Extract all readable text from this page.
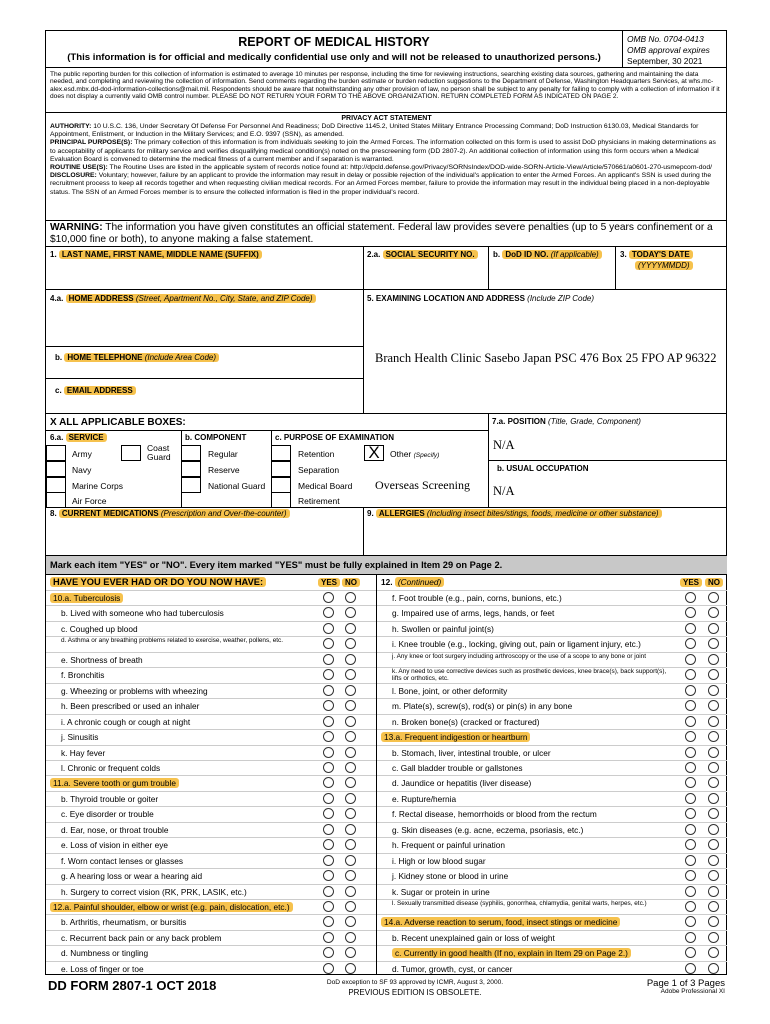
REPORT OF MEDICAL HISTORY
(This information is for official and medically confidential use only and will not be released to unauthorized persons.)
OMB No. 0704-0413
OMB approval expires
September, 30 2021
The public reporting burden for this collection of information is estimated to average 10 minutes per response, including the time for reviewing instructions, searching existing data sources, gathering and maintaining the data needed, and completing and reviewing the collection of information. Send comments regarding the burden estimate or burden reduction suggestions to the Department of Defense, Washington Headquarters Services, at whs.mc-alex.esd.mbx.dd-dod-information-collections@mail.mil. Respondents should be aware that notwithstanding any other provision of law, no person shall be subject to any penalty for failing to comply with a collection of information if it does not display a currently valid OMB control number. PLEASE DO NOT RETURN YOUR FORM TO THE ABOVE ORGANIZATION. RETURN COMPLETED FORM AS INDICATED ON PAGE 2.
PRIVACY ACT STATEMENT
AUTHORITY: 10 U.S.C. 136, Under Secretary Of Defense For Personnel And Readiness; DoD Directive 1145.2, United States Military Entrance Processing Command; DoD Instruction 6130.03, Medical Standards for Appointment, Enlistment, or Induction in the Military Services; and E.O. 9397 (SSN), as amended.
PRINCIPAL PURPOSE(S): The primary collection of this information is from individuals seeking to join the Armed Forces. The information collected on this form is used to assist DoD physicians in making determinations as to acceptability of applicants for military service and verifies disqualifying medical condition(s) noted on the prescreening form (DD 2807-2). An additional collection of information using this form occurs when a Medical Evaluation Board is convened to determine the medical fitness of a current member and if separation is warranted.
ROUTINE USE(S): The Routine Uses are listed in the applicable system of records notice found at: http://dpcld.defense.gov/Privacy/SORNsIndex/DOD-wide-SORN-Article-View/Article/570661/a0601-270-usmepcom-dod/
DISCLOSURE: Voluntary; however, failure by an applicant to provide the information may result in delay or possible rejection of the individual's application to enter the Armed Forces. An applicant's SSN is used during the recruitment process to keep all records together and when requesting civilian medical records. For an Armed Forces member, failure to provide the information may result in the individual being placed in a non-deployable status. The SSN of an Armed Forces member is to ensure the collected information is filed in the proper individual's record.
WARNING: The information you have given constitutes an official statement. Federal law provides severe penalties (up to 5 years confinement or a $10,000 fine or both), to anyone making a false statement.
1. LAST NAME, FIRST NAME, MIDDLE NAME (SUFFIX)	2.a. SOCIAL SECURITY NO.	b. DoD ID NO. (If applicable)	3. TODAY'S DATE
(YYYYMMDD)
4.a. HOME ADDRESS (Street, Apartment No., City, State, and ZIP Code)	5. EXAMINING LOCATION AND ADDRESS (Include ZIP Code)
Branch Health Clinic Sasebo Japan PSC 476 Box 25 FPO AP 96322
b. HOME TELEPHONE (Include Area Code)
c. EMAIL ADDRESS
X ALL APPLICABLE BOXES:	7.a. POSITION (Title, Grade, Component)
6.a. SERVICE	b. COMPONENT	c. PURPOSE OF EXAMINATION
Army
Coast Guard
Navy
Marine Corps
Air Force
Regular
Reserve
National Guard
Retention
Separation
Medical Board
Retirement
X	Other (Specify)
Overseas Screening
N/A
b. USUAL OCCUPATION
N/A
8. CURRENT MEDICATIONS (Prescription and Over-the-counter)	9. ALLERGIES (Including insect bites/stings, foods, medicine or other substance)
Mark each item "YES" or "NO". Every item marked "YES" must be fully explained in Item 29 on Page 2.
HAVE YOU EVER HAD OR DO YOU NOW HAVE:	YES NO	12. (Continued)	YES	NO
10.a. Tuberculosis
b. Lived with someone who had tuberculosis
c. Coughed up blood
d. Asthma or any breathing problems related to exercise, weather, pollens, etc.
e. Shortness of breath
f. Bronchitis
g. Wheezing or problems with wheezing
h. Been prescribed or used an inhaler
i. A chronic cough or cough at night
j. Sinusitis
k. Hay fever
l. Chronic or frequent colds
11.a. Severe tooth or gum trouble
b. Thyroid trouble or goiter
c. Eye disorder or trouble
d. Ear, nose, or throat trouble
e. Loss of vision in either eye
f. Worn contact lenses or glasses
g. A hearing loss or wear a hearing aid
h. Surgery to correct vision (RK, PRK, LASIK, etc.)
12.a. Painful shoulder, elbow or wrist (e.g. pain, dislocation, etc.)
b. Arthritis, rheumatism, or bursitis
c. Recurrent back pain or any back problem
d. Numbness or tingling
e. Loss of finger or toe
f. Foot trouble (e.g., pain, corns, bunions, etc.)
g. Impaired use of arms, legs, hands, or feet
h. Swollen or painful joint(s)
i. Knee trouble (e.g., locking, giving out, pain or ligament injury, etc.)
j. Any knee or foot surgery including arthroscopy or the use of a scope to any bone or joint
k. Any need to use corrective devices such as prosthetic devices, knee brace(s), back support(s), lifts or orthotics, etc.
l. Bone, joint, or other deformity
m. Plate(s), screw(s), rod(s) or pin(s) in any bone
n. Broken bone(s) (cracked or fractured)
13.a. Frequent indigestion or heartburn
b. Stomach, liver, intestinal trouble, or ulcer
c. Gall bladder trouble or gallstones
d. Jaundice or hepatitis (liver disease)
e. Rupture/hernia
f. Rectal disease, hemorrhoids or blood from the rectum
g. Skin diseases (e.g. acne, eczema, psoriasis, etc.)
h. Frequent or painful urination
i. High or low blood sugar
j. Kidney stone or blood in urine
k. Sugar or protein in urine
l. Sexually transmitted disease (syphilis, gonorrhea, chlamydia, genital warts, herpes, etc.)
14.a. Adverse reaction to serum, food, insect stings or medicine
b. Recent unexplained gain or loss of weight
c. Currently in good health (If no, explain in Item 29 on Page 2.)
d. Tumor, growth, cyst, or cancer
DD FORM 2807-1 OCT 2018	DoD exception to SF 93 approved by ICMR, August 3, 2000.
PREVIOUS EDITION IS OBSOLETE.
Page 1 of 3 Pages
Adobe Professional XI
